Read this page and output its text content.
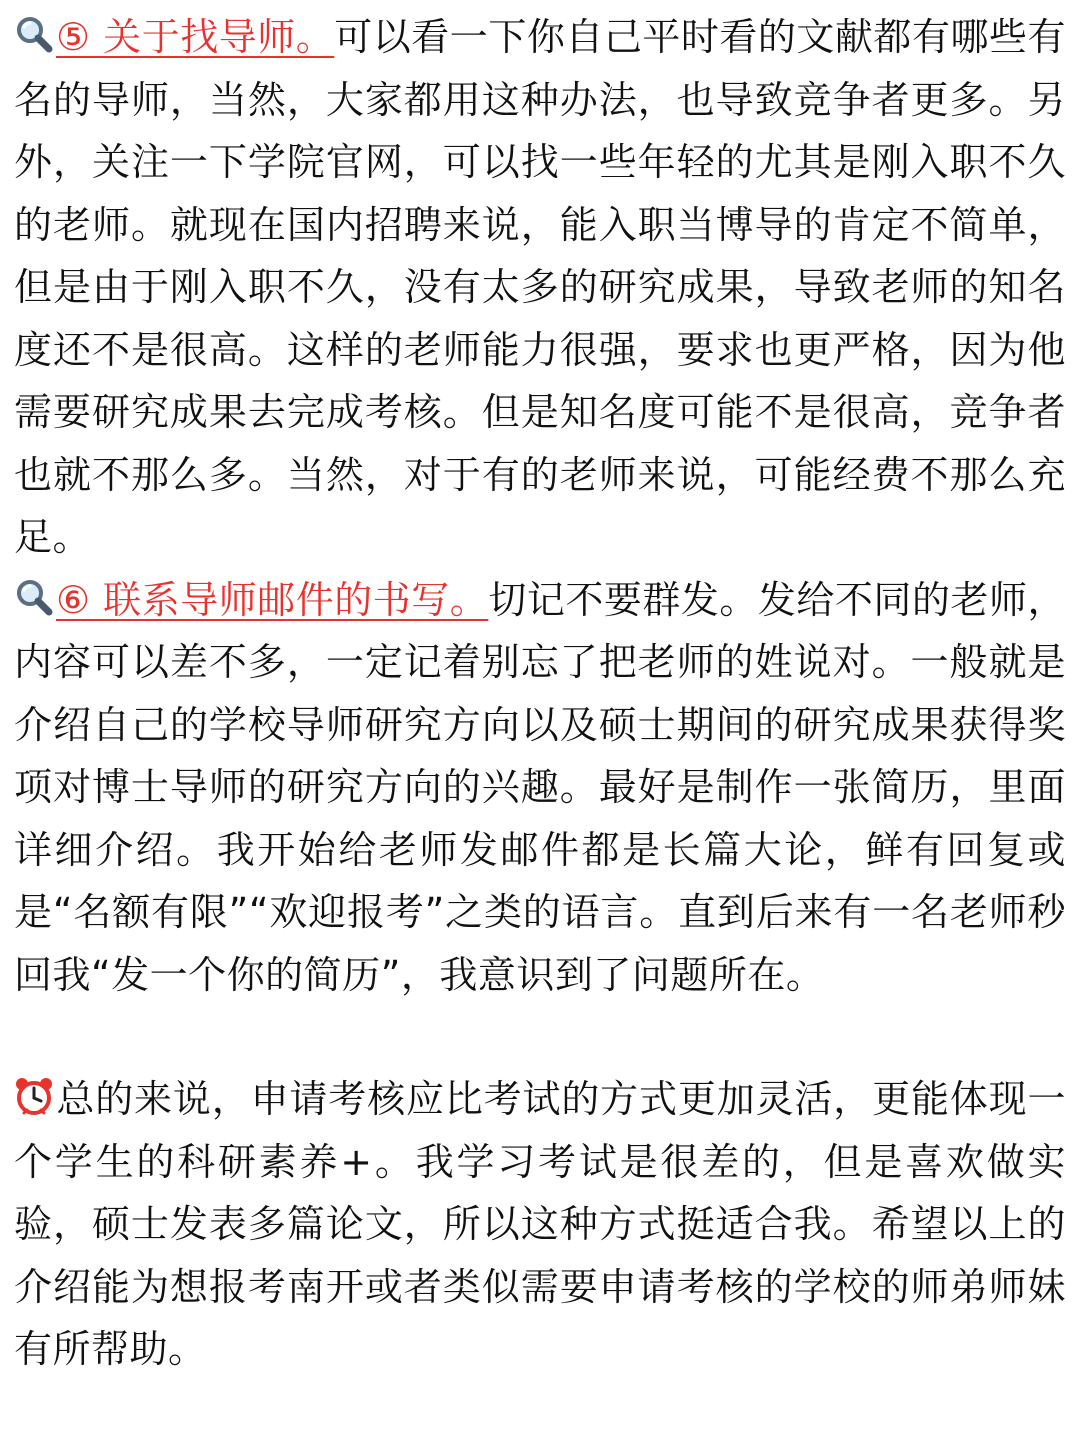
⑤ 关于找导师。可以看一下你自己平时看的文献都有哪些有名的导师，当然，大家都用这种办法，也导致竞争者更多。另外，关注一下学院官网，可以找一些年轻的尤其是刚入职不久的老师。就现在国内招聘来说，能入职当博导的肯定不简单，但是由于刚入职不久，没有太多的研究成果，导致老师的知名度还不是很高。这样的老师能力很强，要求也更严格，因为他需要研究成果去完成考核。但是知名度可能不是很高，竞争者也就不那么多。当然，对于有的老师来说，可能经费不那么充足。

⑥ 联系导师邮件的书写。切记不要群发。发给不同的老师，内容可以差不多，一定记着别忘了把老师的姓说对。一般就是介绍自己的学校导师研究方向以及硕士期间的研究成果获得奖项对博士导师的研究方向的兴趣。最好是制作一张简历，里面详细介绍。我开始给老师发邮件都是长篇大论，鲜有回复或是“名额有限”“欢迎报考”之类的语言。直到后来有一名老师秒回我“发一个你的简历”，我意识到了问题所在。

总的来说，申请考核应比考试的方式更加灵活，更能体现一个学生的科研素养+。我学习考试是很差的，但是喜欢做实验，硕士发表多篇论文，所以这种方式挺适合我。希望以上的介绍能为想报考南开或者类似需要申请考核的学校的师弟师妹有所帮助。
